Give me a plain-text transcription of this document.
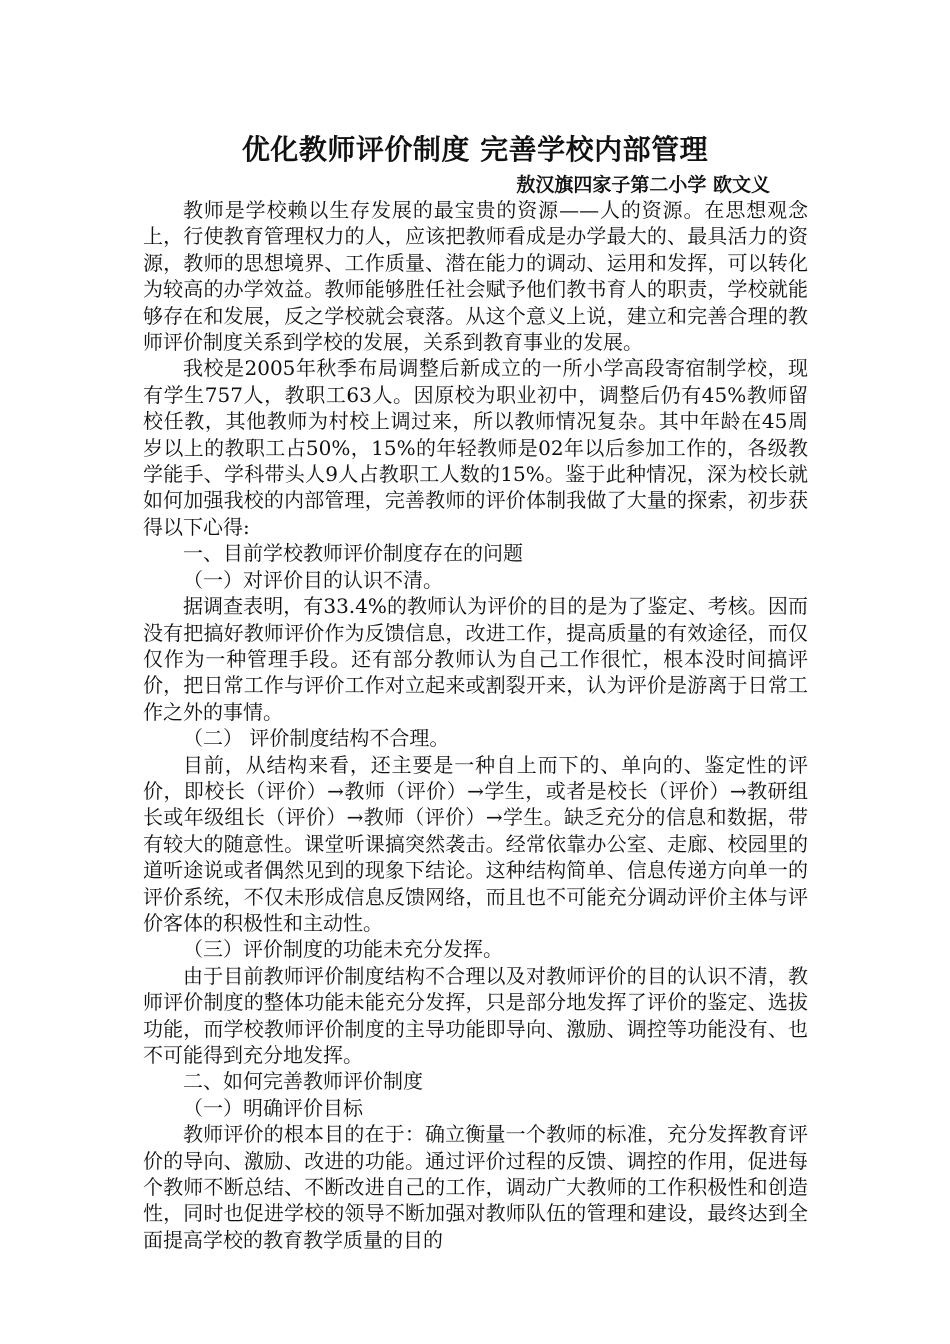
优化教师评价制度 完善学校内部管理

敖汉旗四家子第二小学 欧文义

教师是学校赖以生存发展的最宝贵的资源——人的资源。在思想观念上，行使教育管理权力的人，应该把教师看成是办学最大的、最具活力的资源，教师的思想境界、工作质量、潜在能力的调动、运用和发挥，可以转化为较高的办学效益。教师能够胜任社会赋予他们教书育人的职责，学校就能够存在和发展，反之学校就会衰落。从这个意义上说，建立和完善合理的教师评价制度关系到学校的发展，关系到教育事业的发展。

我校是2005年秋季布局调整后新成立的一所小学高段寄宿制学校，现有学生757人，教职工63人。因原校为职业初中，调整后仍有45%教师留校任教，其他教师为村校上调过来，所以教师情况复杂。其中年龄在45周岁以上的教职工占50%，15%的年轻教师是02年以后参加工作的，各级教学能手、学科带头人9人占教职工人数的15%。鉴于此种情况，深为校长就如何加强我校的内部管理，完善教师的评价体制我做了大量的探索，初步获得以下心得:

一、目前学校教师评价制度存在的问题

（一）对评价目的认识不清。

据调查表明，有33.4%的教师认为评价的目的是为了鉴定、考核。因而没有把搞好教师评价作为反馈信息，改进工作，提高质量的有效途径，而仅仅作为一种管理手段。还有部分教师认为自己工作很忙，根本没时间搞评价，把日常工作与评价工作对立起来或割裂开来，认为评价是游离于日常工作之外的事情。

（二） 评价制度结构不合理。

目前，从结构来看，还主要是一种自上而下的、单向的、鉴定性的评价，即校长（评价）→教师（评价）→学生，或者是校长（评价）→教研组长或年级组长（评价）→教师（评价）→学生。缺乏充分的信息和数据，带有较大的随意性。课堂听课搞突然袭击。经常依靠办公室、走廊、校园里的道听途说或者偶然见到的现象下结论。这种结构简单、信息传递方向单一的评价系统，不仅未形成信息反馈网络，而且也不可能充分调动评价主体与评价客体的积极性和主动性。

（三）评价制度的功能未充分发挥。

由于目前教师评价制度结构不合理以及对教师评价的目的认识不清，教师评价制度的整体功能未能充分发挥，只是部分地发挥了评价的鉴定、选拔功能，而学校教师评价制度的主导功能即导向、激励、调控等功能没有、也不可能得到充分地发挥。

二、如何完善教师评价制度

（一）明确评价目标

教师评价的根本目的在于：确立衡量一个教师的标准，充分发挥教育评价的导向、激励、改进的功能。通过评价过程的反馈、调控的作用，促进每个教师不断总结、不断改进自己的工作，调动广大教师的工作积极性和创造性，同时也促进学校的领导不断加强对教师队伍的管理和建设，最终达到全面提高学校的教育教学质量的目的
